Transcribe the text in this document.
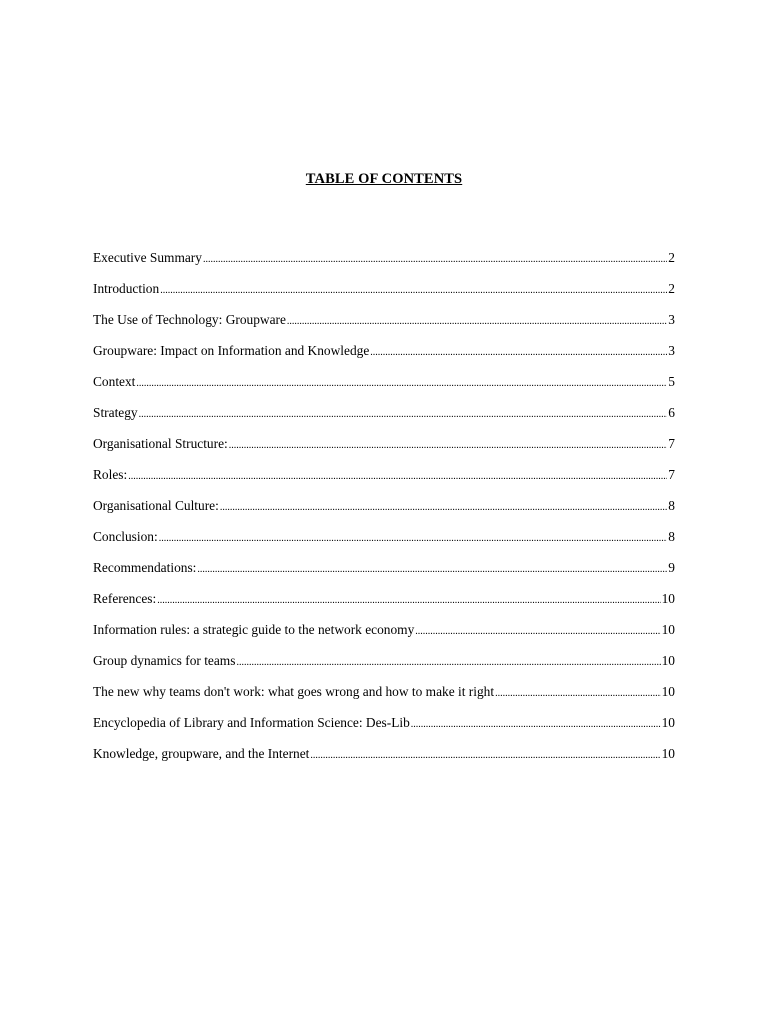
TABLE OF CONTENTS
Executive Summary .....	2
Introduction .....	2
The Use of Technology: Groupware .....	3
Groupware: Impact on Information and Knowledge .....	3
Context .....	5
Strategy .....	6
Organisational Structure: .....	7
Roles: .....	7
Organisational Culture: .....	8
Conclusion: .....	8
Recommendations: .....	9
References: .....	10
Information rules: a strategic guide to the network economy .....	10
Group dynamics for teams .....	10
The new why teams don't work: what goes wrong and how to make it right .....	10
Encyclopedia of Library and Information Science: Des-Lib .....	10
Knowledge, groupware, and the Internet .....	10
